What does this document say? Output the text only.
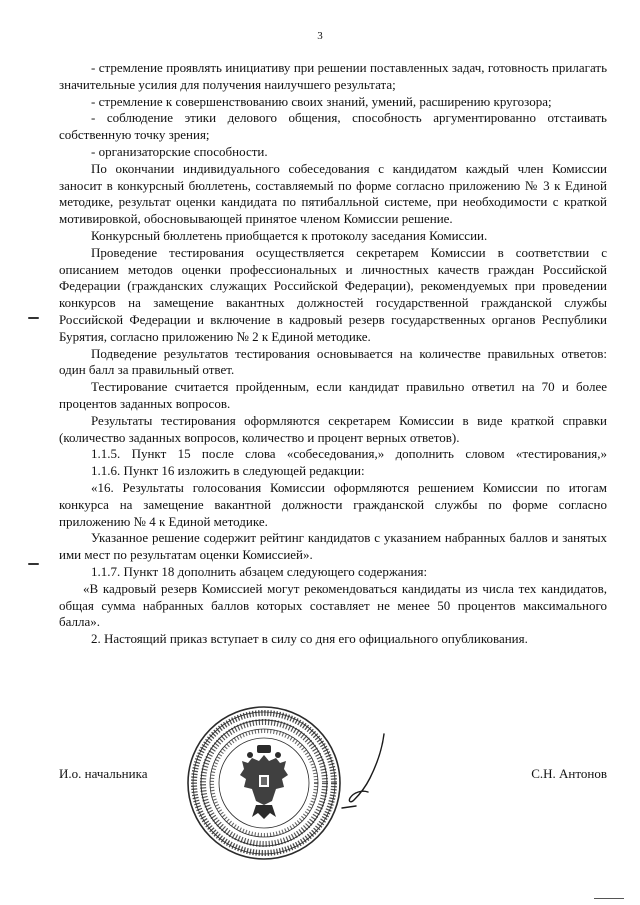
3

- стремление проявлять инициативу при решении поставленных задач, готовность прилагать значительные усилия для получения наилучшего результата;

- стремление к совершенствованию своих знаний, умений, расширению кругозора;

- соблюдение этики делового общения, способность аргументированно отстаивать собственную точку зрения;

- организаторские способности.

По окончании индивидуального собеседования с кандидатом каждый член Комиссии заносит в конкурсный бюллетень, составляемый по форме согласно приложению № 3 к Единой методике, результат оценки кандидата по пятибалльной системе, при необходимости с краткой мотивировкой, обосновывающей принятое членом Комиссии решение.

Конкурсный бюллетень приобщается к протоколу заседания Комиссии.

Проведение тестирования осуществляется секретарем Комиссии в соответствии с описанием методов оценки профессиональных и личностных качеств граждан Российской Федерации (гражданских служащих Российской Федерации), рекомендуемых при проведении конкурсов на замещение вакантных должностей государственной гражданской службы Российской Федерации и включение в кадровый резерв государственных органов Республики Бурятия, согласно приложению № 2 к Единой методике.

Подведение результатов тестирования основывается на количестве правильных ответов: один балл за правильный ответ.

Тестирование считается пройденным, если кандидат правильно ответил на 70 и более процентов заданных вопросов.

Результаты тестирования оформляются секретарем Комиссии в виде краткой справки (количество заданных вопросов, количество и процент верных ответов).

1.1.5. Пункт 15 после слова «собеседования,» дополнить словом «тестирования,»

1.1.6. Пункт 16 изложить в следующей редакции:

«16. Результаты голосования Комиссии оформляются решением Комиссии по итогам конкурса на замещение вакантной должности гражданской службы по форме согласно приложению № 4 к Единой методике.

Указанное решение содержит рейтинг кандидатов с указанием набранных баллов и занятых ими мест по результатам оценки Комиссией».

1.1.7. Пункт 18 дополнить абзацем следующего содержания:

«В кадровый резерв Комиссией могут рекомендоваться кандидаты из числа тех кандидатов, общая сумма набранных баллов которых составляет не менее 50 процентов максимального балла».

2. Настоящий приказ вступает в силу со дня его официального опубликования.

И.о. начальника	С.Н. Антонов
